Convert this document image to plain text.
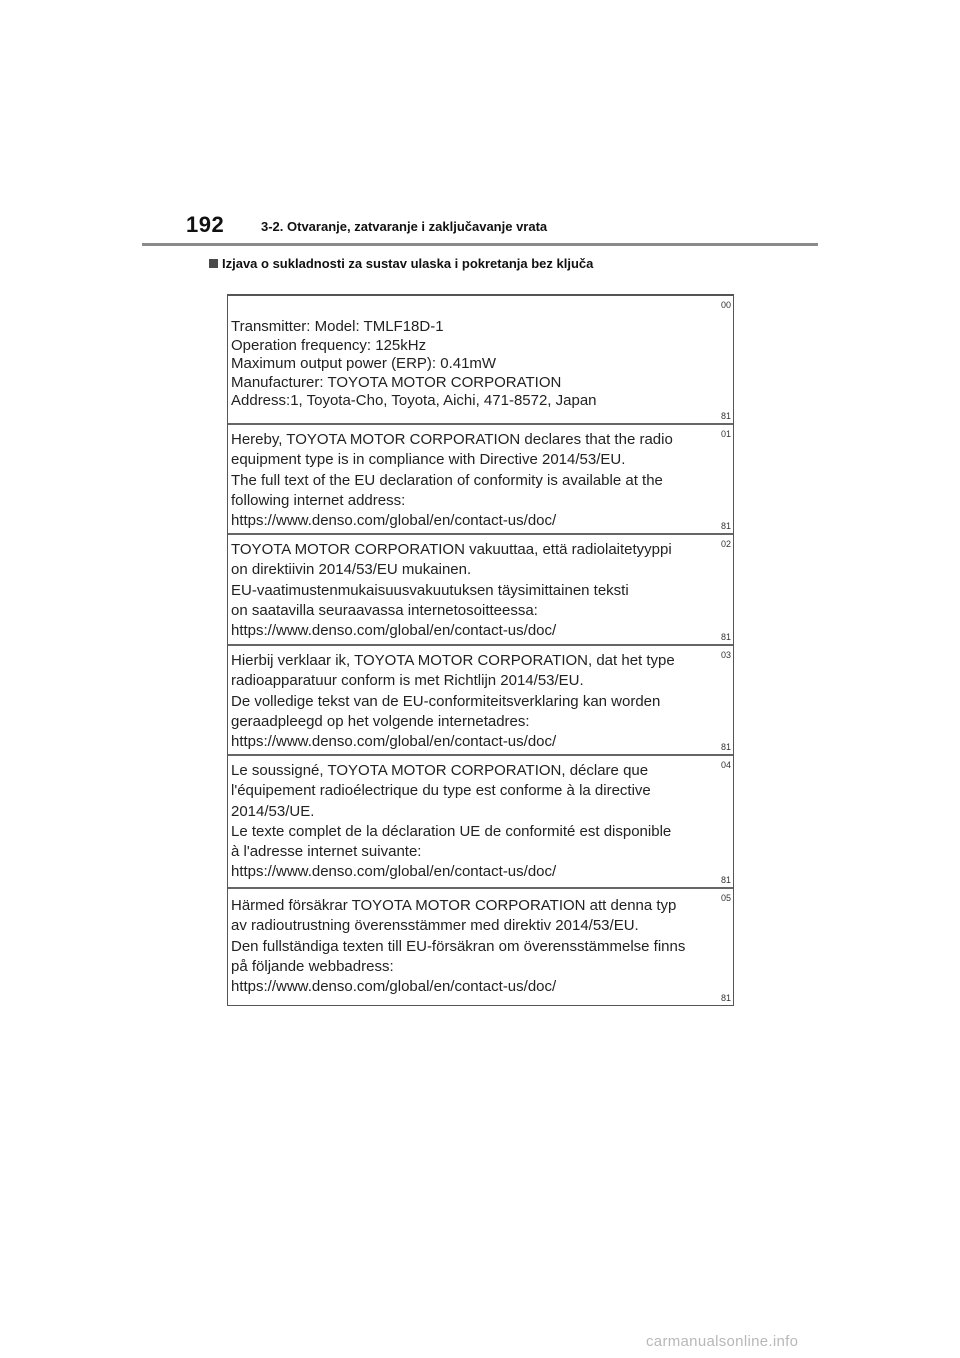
192	3-2. Otvaranje, zatvaranje i zaključavanje vrata
Izjava o sukladnosti za sustav ulaska i pokretanja bez ključa
00
Transmitter: Model: TMLF18D-1
Operation frequency: 125kHz
Maximum output power (ERP): 0.41mW
Manufacturer: TOYOTA MOTOR CORPORATION
Address:1, Toyota-Cho, Toyota, Aichi, 471-8572, Japan
81
01
Hereby, TOYOTA MOTOR CORPORATION declares that the radio
equipment type is in compliance with Directive 2014/53/EU.
The full text of the EU declaration of conformity is available at the
following internet address:
https://www.denso.com/global/en/contact-us/doc/	81
02
TOYOTA MOTOR CORPORATION vakuuttaa, että radiolaitetyyppi
on direktiivin 2014/53/EU mukainen.
EU-vaatimustenmukaisuusvakuutuksen täysimittainen teksti
on saatavilla seuraavassa internetosoitteessa:
https://www.denso.com/global/en/contact-us/doc/	81
03
Hierbij verklaar ik, TOYOTA MOTOR CORPORATION, dat het type
radioapparatuur conform is met Richtlijn 2014/53/EU.
De volledige tekst van de EU-conformiteitsverklaring kan worden
geraadpleegd op het volgende internetadres:
https://www.denso.com/global/en/contact-us/doc/	81
04
Le soussigné, TOYOTA MOTOR CORPORATION, déclare que
l'équipement radioélectrique du type est conforme à la directive
2014/53/UE.
Le texte complet de la déclaration UE de conformité est disponible
à l'adresse internet suivante:
https://www.denso.com/global/en/contact-us/doc/	81
05
Härmed försäkrar TOYOTA MOTOR CORPORATION att denna typ
av radioutrustning överensstämmer med direktiv 2014/53/EU.
Den fullständiga texten till EU-försäkran om överensstämmelse finns
på följande webbadress:
https://www.denso.com/global/en/contact-us/doc/
81
carmanualsonline.info
